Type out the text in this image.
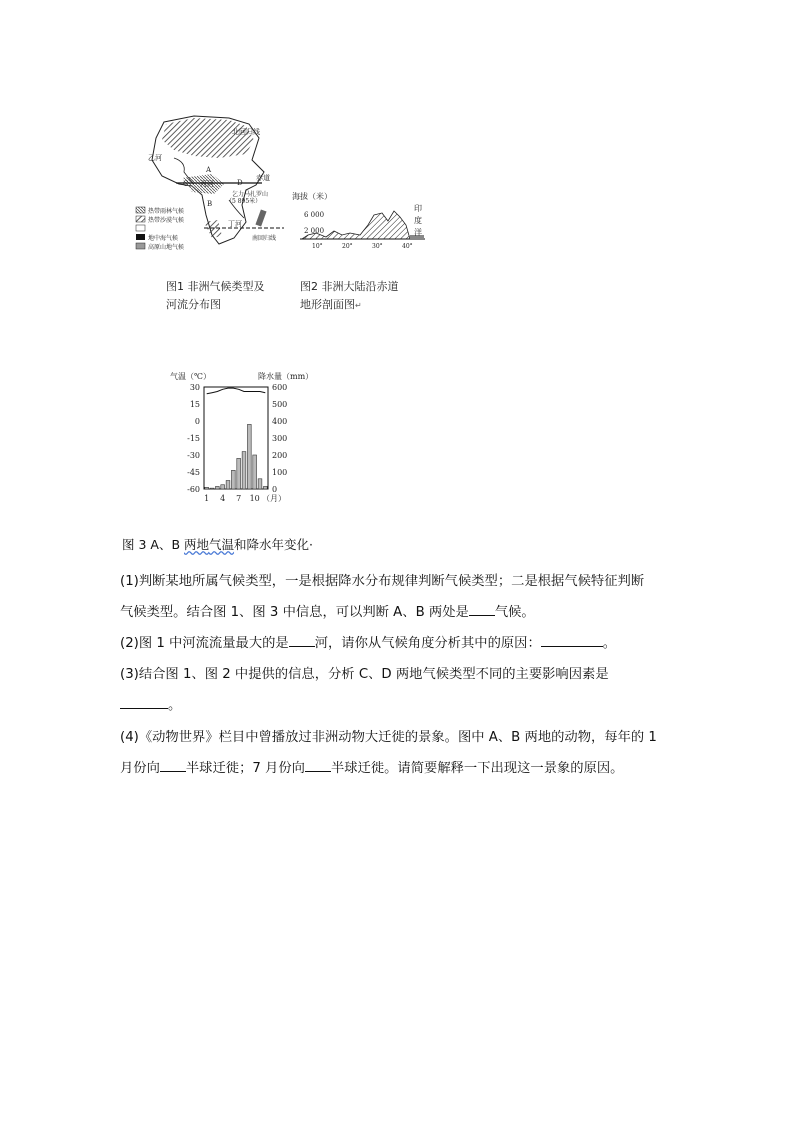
热带雨林气候
热带沙漠气候
地中海气候
高原山地气候
北回归线
乙河
A
C 丙河	D
赤道
乞力马扎罗山
（5 895米）
B
丁河
南回归线
海拔（米）
6 000
2 000
印
度
洋
10°	20°	30°	40°
图1 非洲气候类型及
河流分布图
图2 非洲大陆沿赤道
地形剖面图↵
气温（℃）	降水量（mm）
30
15
0
-15
-30
-45
-60
600
500
400
300
200
100
0
1 4 7 10 （月）
图 3 A、B 两地气温和降水年变化·
(1)判断某地所属气候类型，一是根据降水分布规律判断气候类型；二是根据气候特征判断
气候类型。结合图 1、图 3 中信息，可以判断 A、B 两处是 气候。
(2)图 1 中河流流量最大的是 河，请你从气候角度分析其中的原因：	。
(3)结合图 1、图 2 中提供的信息，分析 C、D 两地气候类型不同的主要影响因素是
。
(4)《动物世界》栏目中曾播放过非洲动物大迁徙的景象。图中 A、B 两地的动物，每年的 1
月份向 半球迁徙；7 月份向 半球迁徙。请简要解释一下出现这一景象的原因。
